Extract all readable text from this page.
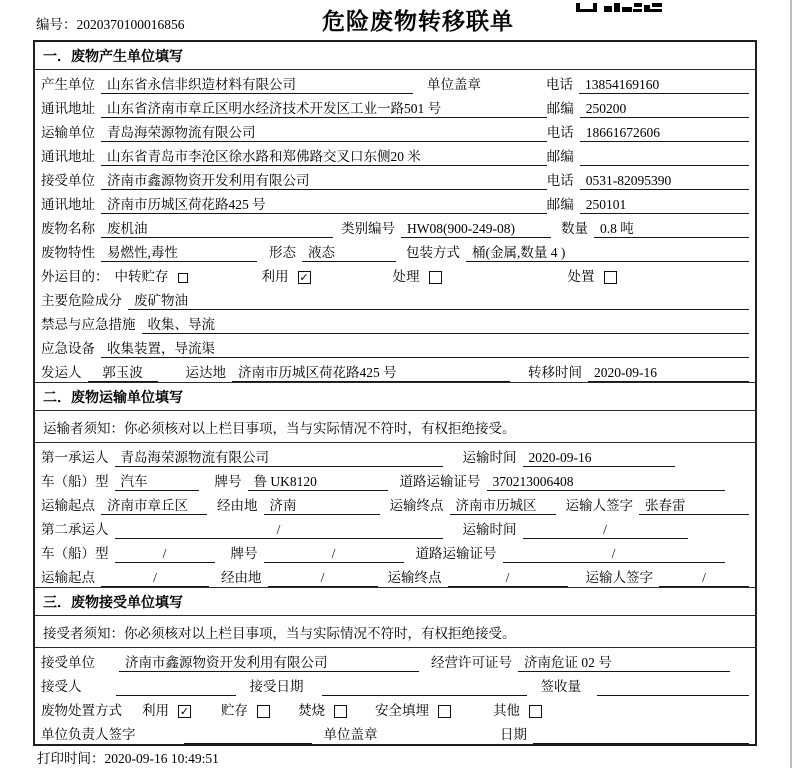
编号：2020370100016856	危险废物转移联单
一．废物产生单位填写
产生单位 山东省永信非织造材料有限公司	单位盖章	电话 13854169160
通讯地址 山东省济南市章丘区明水经济技术开发区工业一路501 号	邮编 250200
运输单位 青岛海荣源物流有限公司	电话 18661672606
通讯地址 山东省青岛市李沧区徐水路和郑佛路交叉口东侧20 米	邮编
接受单位 济南市鑫源物资开发利用有限公司	电话 0531-82095390
通讯地址 济南市历城区荷花路425 号	邮编 250101
废物名称 废机油	类别编号 HW08(900-249-08)	数量 0.8 吨
废物特性 易燃性,毒性	形态 液态	包装方式 桶(金属,数量 4 )
外运目的： 中转贮存	利用 ✓	处理	处置
主要危险成分 废矿物油
禁忌与应急措施 收集、导流
应急设备 收集装置，导流渠
发运人	郭玉波	运达地 济南市历城区荷花路425 号	转移时间 2020-09-16
二．废物运输单位填写
运输者须知：你必须核对以上栏目事项，当与实际情况不符时，有权拒绝接受。
第一承运人 青岛海荣源物流有限公司	运输时间 2020-09-16
车（船）型 汽车	牌号 鲁 UK8120	道路运输证号 370213006408
运输起点 济南市章丘区	经由地 济南	运输终点 济南市历城区	运输人签字 张春雷
第二承运人	/	运输时间	/
车（船）型	/	牌号	/	道路运输证号	/
运输起点	/	经由地	/	运输终点	/	运输人签字	/
三．废物接受单位填写
接受者须知：你必须核对以上栏目事项，当与实际情况不符时，有权拒绝接受。
接受单位	济南市鑫源物资开发利用有限公司	经营许可证号 济南危证 02 号
接受人	接受日期	签收量
废物处置方式 利用 ✓ 贮存	焚烧	安全填埋	其他
单位负责人签字	单位盖章	日期
打印时间：2020-09-16 10:49:51
